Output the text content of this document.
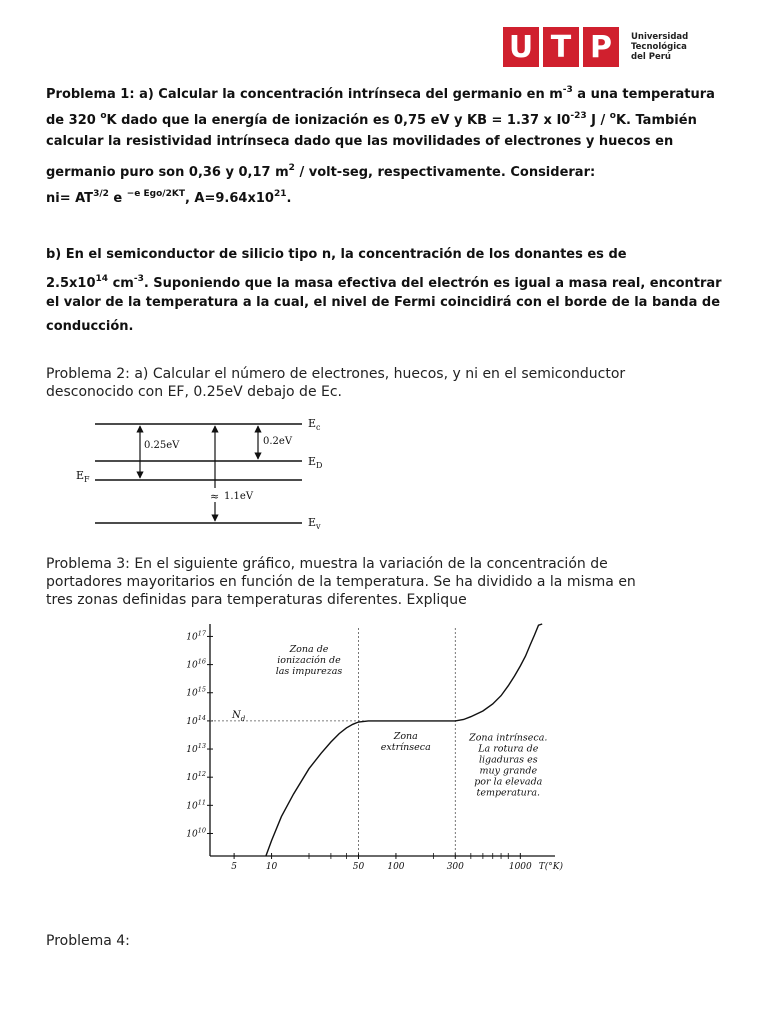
U T P	Universidad
Tecnológica
del Perú
Problema 1: a) Calcular la concentración intrínseca del germanio en $m^{-3}$ a una temperatura
de 320 $^o$K dado que la energía de ionización es 0,75 eV y KB = 1.37 x $I0^{-23}$ J / $^o$K. También
calcular la resistividad intrínseca dado que las movilidades of electrones y huecos en
germanio puro son 0,36 y 0,17 $m^2$ / volt-seg, respectivamente. Considerar:
$ni= AT^{3/2}$ e $^{-e Ego/2KT}$, $A=9.64x10^{21}$.
b) En el semiconductor de silicio tipo n, la concentración de los donantes es de
$2.5x10^{14}$ $cm^{-3}$. Suponiendo que la masa efectiva del electrón es igual a masa real, encontrar
el valor de la temperatura a la cual, el nivel de Fermi coincidirá con el borde de la banda de
conducción.
Problema 2: a) Calcular el número de electrones, huecos, y ni en el semiconductor
desconocido con EF, 0.25eV debajo de Ec.
0.25eV	0.2eV
1.1eV
≈
$E_c$
$E_D$
$E_F$
$E_v$
Problema 3: En el siguiente gráfico, muestra la variación de la concentración de
portadores mayoritarios en función de la temperatura. Se ha dividido a la misma en
tres zonas definidas para temperaturas diferentes. Explique
$10^{10}$
$10^{11}$
$10^{12}$
$10^{13}$
$10^{14}$
$10^{15}$
$10^{16}$
$10^{17}$
5	10	50	100	300	1000 T(°K)
$N_d$
Zona de
ionización de
las impurezas
Zona
extrínseca
Zona intrínseca.
La rotura de
ligaduras es
muy grande
por la elevada
temperatura.
Problema 4:
